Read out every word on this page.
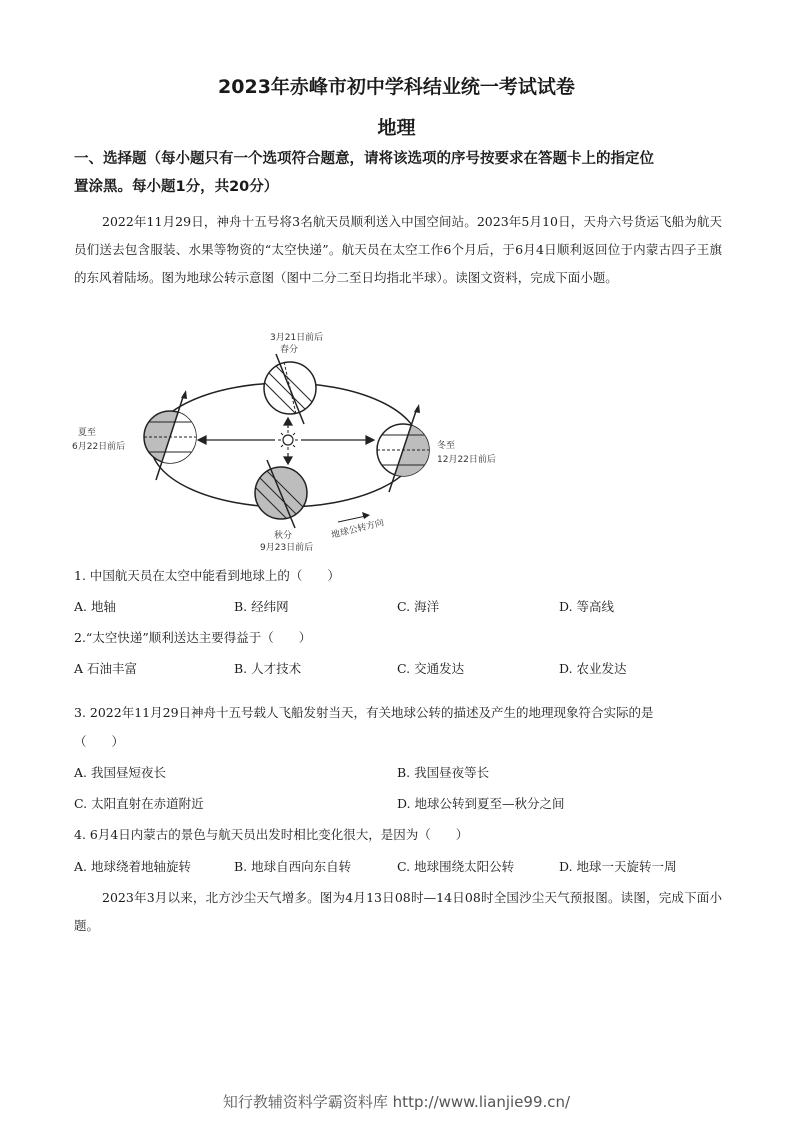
2023年赤峰市初中学科结业统一考试试卷
地理
一、选择题（每小题只有一个选项符合题意，请将该选项的序号按要求在答题卡上的指定位
置涂黑。每小题1分，共20分）
2022年11月29日，神舟十五号将3名航天员顺利送入中国空间站。2023年5月10日，天舟六号货运飞船为航天员们送去包含服装、水果等物资的“太空快递”。航天员在太空工作6个月后，于6月4日顺利返回位于内蒙古四子王旗的东风着陆场。图为地球公转示意图（图中二分二至日均指北半球）。读图文资料，完成下面小题。
3月21日前后
春分
夏至
6月22日前后	冬至
12月22日前后
秋分
9月23日前后
地球公转方向
1. 中国航天员在太空中能看到地球上的（　　）
A. 地轴	B. 经纬网	C. 海洋	D. 等高线
2.“太空快递”顺利送达主要得益于（　　）
A 石油丰富	B. 人才技术	C. 交通发达	D. 农业发达
3. 2022年11月29日神舟十五号载人飞船发射当天，有关地球公转的描述及产生的地理现象符合实际的是
（　　）
A. 我国昼短夜长	B. 我国昼夜等长
C. 太阳直射在赤道附近	D. 地球公转到夏至—秋分之间
4. 6月4日内蒙古的景色与航天员出发时相比变化很大，是因为（　　）
A. 地球绕着地轴旋转	B. 地球自西向东自转	C. 地球围绕太阳公转	D. 地球一天旋转一周
2023年3月以来，北方沙尘天气增多。图为4月13日08时—14日08时全国沙尘天气预报图。读图，完成下面小题。
知行教辅资料学霸资料库 http://www.lianjie99.cn/
